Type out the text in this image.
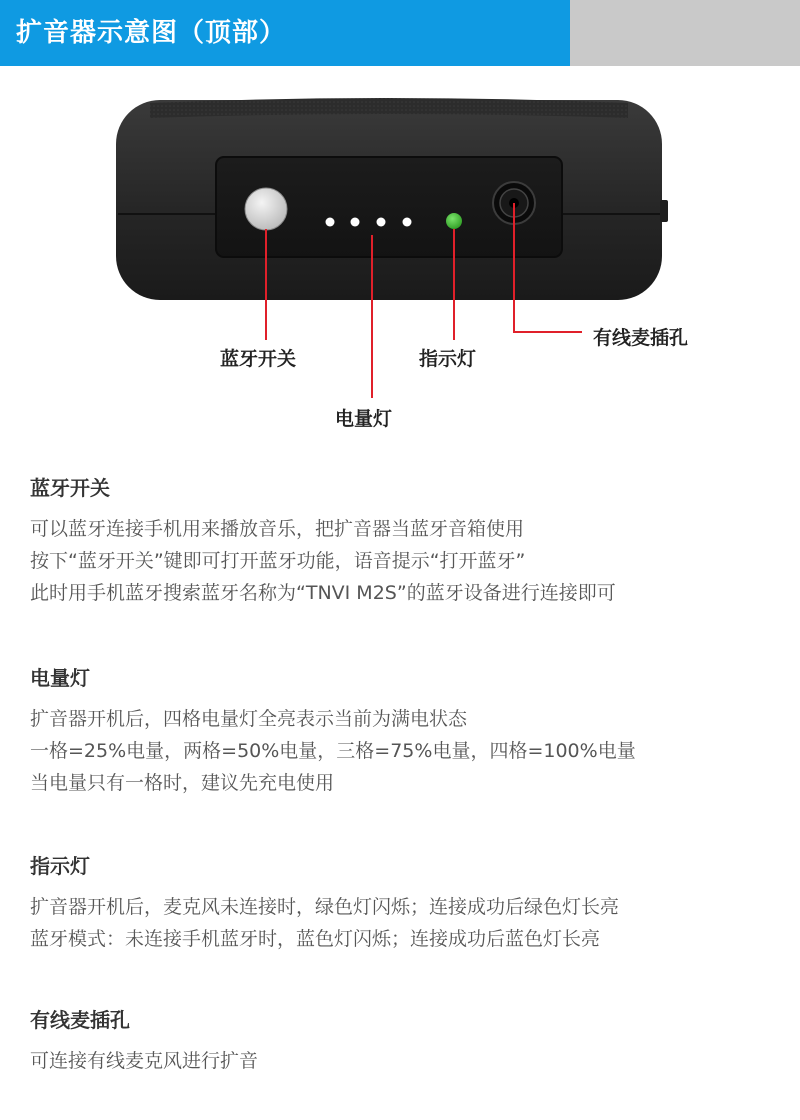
扩音器示意图（顶部）
蓝牙开关
电量灯
指示灯
有线麦插孔
蓝牙开关

可以蓝牙连接手机用来播放音乐，把扩音器当蓝牙音箱使用

按下“蓝牙开关”键即可打开蓝牙功能，语音提示“打开蓝牙”

此时用手机蓝牙搜索蓝牙名称为“TNVI M2S”的蓝牙设备进行连接即可

电量灯

扩音器开机后，四格电量灯全亮表示当前为满电状态

一格=25%电量，两格=50%电量，三格=75%电量，四格=100%电量

当电量只有一格时，建议先充电使用

指示灯

扩音器开机后，麦克风未连接时，绿色灯闪烁；连接成功后绿色灯长亮

蓝牙模式：未连接手机蓝牙时，蓝色灯闪烁；连接成功后蓝色灯长亮

有线麦插孔

可连接有线麦克风进行扩音
